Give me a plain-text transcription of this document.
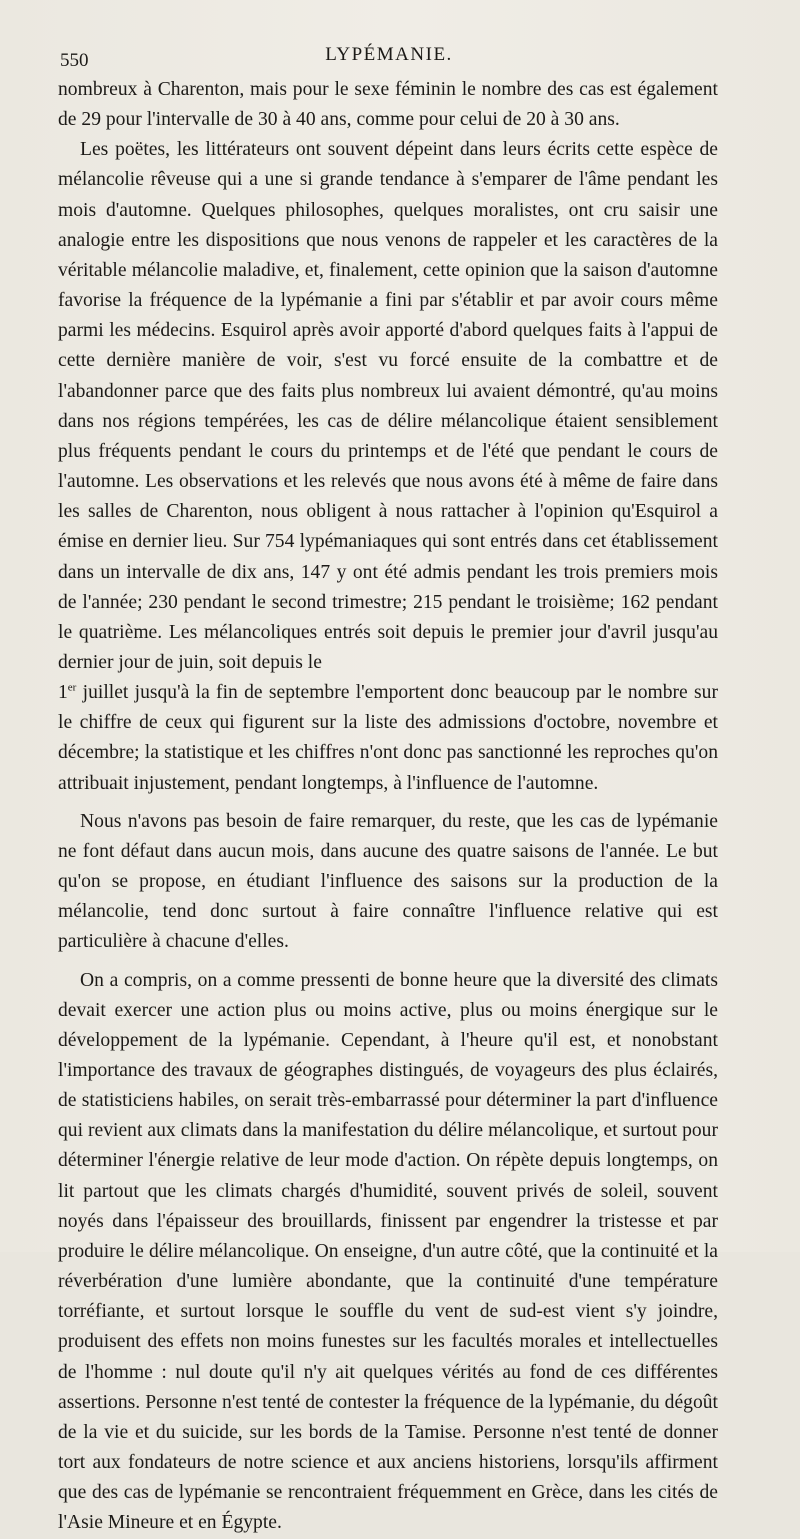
550	LYPÉMANIE.

nombreux à Charenton, mais pour le sexe féminin le nombre des cas est également de 29 pour l'intervalle de 30 à 40 ans, comme pour celui de 20 à 30 ans.

Les poëtes, les littérateurs ont souvent dépeint dans leurs écrits cette espèce de mélancolie rêveuse qui a une si grande tendance à s'emparer de l'âme pendant les mois d'automne. Quelques philosophes, quelques moralistes, ont cru saisir une analogie entre les dispositions que nous venons de rappeler et les caractères de la véritable mélancolie maladive, et, finalement, cette opinion que la saison d'automne favorise la fréquence de la lypémanie a fini par s'établir et par avoir cours même parmi les médecins. Esquirol après avoir apporté d'abord quelques faits à l'appui de cette dernière manière de voir, s'est vu forcé ensuite de la combattre et de l'abandonner parce que des faits plus nombreux lui avaient démontré, qu'au moins dans nos régions tempérées, les cas de délire mélancolique étaient sensiblement plus fréquents pendant le cours du printemps et de l'été que pendant le cours de l'automne. Les observations et les relevés que nous avons été à même de faire dans les salles de Charenton, nous obligent à nous rattacher à l'opinion qu'Esquirol a émise en dernier lieu. Sur 754 lypémaniaques qui sont entrés dans cet établissement dans un intervalle de dix ans, 147 y ont été admis pendant les trois premiers mois de l'année; 230 pendant le second trimestre; 215 pendant le troisième; 162 pendant le quatrième. Les mélancoliques entrés soit depuis le premier jour d'avril jusqu'au dernier jour de juin, soit depuis le

1er juillet jusqu'à la fin de septembre l'emportent donc beaucoup par le nombre sur le chiffre de ceux qui figurent sur la liste des admissions d'octobre, novembre et décembre; la statistique et les chiffres n'ont donc pas sanctionné les reproches qu'on attribuait injustement, pendant longtemps, à l'influence de l'automne.

Nous n'avons pas besoin de faire remarquer, du reste, que les cas de lypémanie ne font défaut dans aucun mois, dans aucune des quatre saisons de l'année. Le but qu'on se propose, en étudiant l'influence des saisons sur la production de la mélancolie, tend donc surtout à faire connaître l'influence relative qui est particulière à chacune d'elles.

On a compris, on a comme pressenti de bonne heure que la diversité des climats devait exercer une action plus ou moins active, plus ou moins énergique sur le développement de la lypémanie. Cependant, à l'heure qu'il est, et nonobstant l'importance des travaux de géographes distingués, de voyageurs des plus éclairés, de statisticiens habiles, on serait très-embarrassé pour déterminer la part d'influence qui revient aux climats dans la manifestation du délire mélancolique, et surtout pour déterminer l'énergie relative de leur mode d'action. On répète depuis longtemps, on lit partout que les climats chargés d'humidité, souvent privés de soleil, souvent noyés dans l'épaisseur des brouillards, finissent par engendrer la tristesse et par produire le délire mélancolique. On enseigne, d'un autre côté, que la continuité et la réverbération d'une lumière abondante, que la continuité d'une température torréfiante, et surtout lorsque le souffle du vent de sud-est vient s'y joindre, produisent des effets non moins funestes sur les facultés morales et intellectuelles de l'homme : nul doute qu'il n'y ait quelques vérités au fond de ces différentes assertions. Personne n'est tenté de contester la fréquence de la lypémanie, du dégoût de la vie et du suicide, sur les bords de la Tamise. Personne n'est tenté de donner tort aux fondateurs de notre science et aux anciens historiens, lorsqu'ils affirment que des cas de lypémanie se rencontraient fréquemment en Grèce, dans les cités de l'Asie Mineure et en Égypte.
